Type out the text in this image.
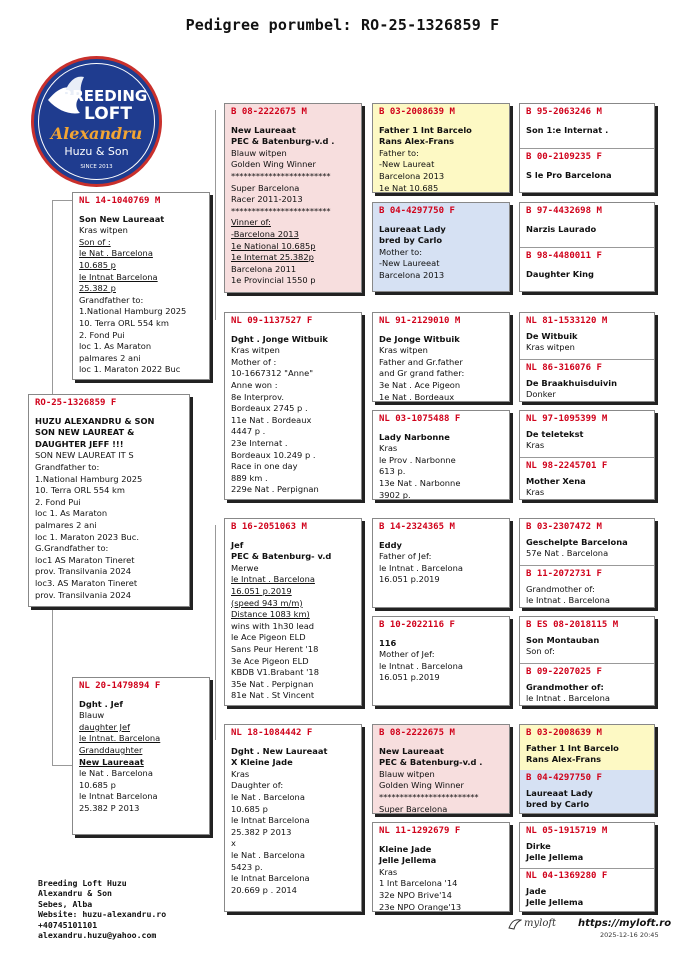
Pedigree porumbel: RO-25-1326859 F
BREEDING
LOFT
Alexandru
Huzu & Son
SINCE 2013
RO-25-1326859 F
HUZU ALEXANDRU & SON
SON NEW LAUREAT &
DAUGHTER JEFF !!!
SON NEW LAUREAT IT S
Grandfather to:
1.National Hamburg 2025
10. Terra ORL 554 km
2. Fond Pui
loc 1. As Maraton
palmares 2 ani
loc 1. Maraton 2023 Buc.
G.Grandfather to:
loc1 AS Maraton Tineret
prov. Transilvania 2024
loc3. AS Maraton Tineret
prov. Transilvania 2024
NL 14-1040769 M
Son New Laureaat
Kras witpen
Son of :
le Nat . Barcelona
10.685 p
le Intnat Barcelona
25.382 p
Grandfather to:
1.National Hamburg 2025
10. Terra ORL 554 km
2. Fond Pui
loc 1. As Maraton
palmares 2 ani
loc 1. Maraton 2022 Buc
NL 20-1479894 F
Dght . Jef
Blauw
daughter Jef
le Intnat. Barcelona
Granddaughter
New Laureaat
le Nat . Barcelona
10.685 p
le Intnat Barcelona
25.382 P 2013
B 08-2222675 M
New Laureaat
PEC & Batenburg-v.d .
Blauw witpen
Golden Wing Winner
************************
Super Barcelona
Racer 2011-2013
************************
Vinner of:
-Barcelona 2013
1e National 10.685p
1e Internat 25.382p
Barcelona 2011
1e Provincial 1550 p
NL 09-1137527 F
Dght . Jonge Witbuik
Kras witpen
Mother of :
10-1667312 "Anne"
Anne won :
8e Interprov.
Bordeaux 2745 p .
11e Nat . Bordeaux
4447 p .
23e Internat .
Bordeaux 10.249 p .
Race in one day
889 km .
229e Nat . Perpignan
B 16-2051063 M
Jef
PEC & Batenburg- v.d
Merwe
le Intnat . Barcelona
16.051 p.2019
(speed 943 m/m)
Distance 1083 km)
wins with 1h30 lead
le Ace Pigeon ELD
Sans Peur Herent '18
3e Ace Pigeon ELD
KBDB V1.Brabant '18
35e Nat . Perpignan
81e Nat . St Vincent
NL 18-1084442 F
Dght . New Laureaat
X Kleine Jade
Kras
Daughter of:
le Nat . Barcelona
10.685 p
le Intnat Barcelona
25.382 P 2013
x
le Nat . Barcelona
5423 p.
le Intnat Barcelona
20.669 p . 2014
B 03-2008639 M
Father 1 Int Barcelo
Rans Alex-Frans
Father to:
-New Laureat
Barcelona 2013
1e Nat 10.685
B 04-4297750 F
Laureaat Lady
bred by Carlo
Mother to:
-New Laureeat
Barcelona 2013
NL 91-2129010 M
De Jonge Witbuik
Kras witpen
Father and Gr.father
and Gr grand father:
3e Nat . Ace Pigeon
1e Nat . Bordeaux
NL 03-1075488 F
Lady Narbonne
Kras
le Prov . Narbonne
613 p.
13e Nat . Narbonne
3902 p.
B 14-2324365 M
Eddy
Father of Jef:
le Intnat . Barcelona
16.051 p.2019
B 10-2022116 F
116
Mother of Jef:
le Intnat . Barcelona
16.051 p.2019
B 08-2222675 M
New Laureaat
PEC & Batenburg-v.d .
Blauw witpen
Golden Wing Winner
************************
Super Barcelona
NL 11-1292679 F
Kleine Jade
Jelle Jellema
Kras
1 Int Barcelona '14
32e NPO Brive'14
23e NPO Orange'13
B 95-2063246 M
Son 1:e Internat .
B 00-2109235 F
S le Pro Barcelona
B 97-4432698 M
Narzis Laurado
B 98-4480011 F
Daughter King
NL 81-1533120 M
De Witbuik
Kras witpen
NL 86-316076 F
De Braakhuisduivin
Donker
NL 97-1095399 M
De teletekst
Kras
NL 98-2245701 F
Mother Xena
Kras
B 03-2307472 M
Geschelpte Barcelona
57e Nat . Barcelona
B 11-2072731 F
Grandmother of:
le Intnat . Barcelona
B ES 08-2018115 M
Son Montauban
Son of:
B 09-2207025 F
Grandmother of:
le Intnat . Barcelona
B 03-2008639 M
Father 1 Int Barcelo
Rans Alex-Frans
B 04-4297750 F
Laureaat Lady
bred by Carlo
NL 05-1915719 M
Dirke
Jelle Jellema
NL 04-1369280 F
Jade
Jelle Jellema
Breeding Loft Huzu
Alexandru & Son
Sebes, Alba
Website: huzu-alexandru.ro
+40745101101
alexandru.huzu@yahoo.com
myloft https://myloft.ro
2025-12-16 20:45
